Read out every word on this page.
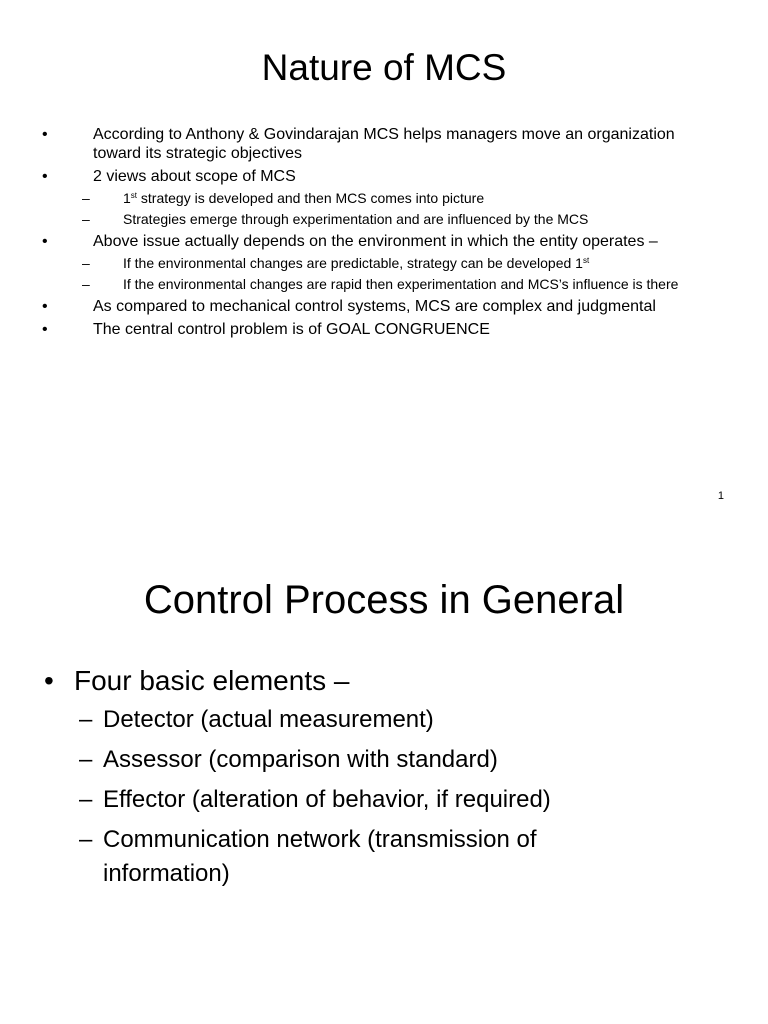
Nature of MCS
•	According to Anthony & Govindarajan MCS helps managers move an organization toward its strategic objectives
•	2 views about scope of MCS
– 1st strategy is developed and then MCS comes into picture
– Strategies emerge through experimentation and are influenced by the MCS
•	Above issue actually depends on the environment in which the entity operates –
– If the environmental changes are predictable, strategy can be developed 1st
– If the environmental changes are rapid then experimentation and MCS’s influence is there
•	As compared to mechanical control systems, MCS are complex and judgmental
•	The central control problem is of GOAL CONGRUENCE
1
Control Process in General
• Four basic elements –
– Detector (actual measurement)
– Assessor (comparison with standard)
– Effector (alteration of behavior, if required)
– Communication network (transmission of information)
